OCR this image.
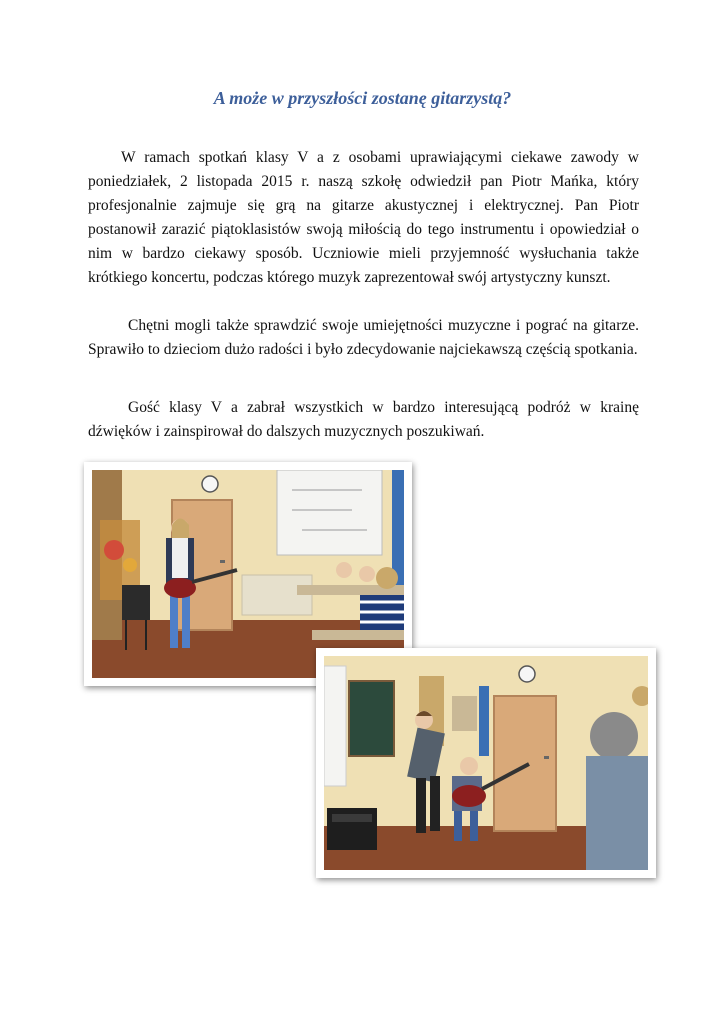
A może w przyszłości zostanę gitarzystą?

W ramach spotkań klasy V a z osobami uprawiającymi ciekawe zawody w poniedziałek, 2 listopada 2015 r. naszą szkołę odwiedził pan Piotr Mańka, który profesjonalnie zajmuje się grą na gitarze akustycznej i elektrycznej. Pan Piotr postanowił zarazić piątoklasistów swoją miłością do tego instrumentu i opowiedział o nim w bardzo ciekawy sposób. Uczniowie mieli przyjemność wysłuchania także krótkiego koncertu, podczas którego muzyk zaprezentował swój artystyczny kunszt.

Chętni mogli także sprawdzić swoje umiejętności muzyczne i pograć na gitarze. Sprawiło to dzieciom dużo radości i było zdecydowanie najciekawszą częścią spotkania.

Gość klasy V a zabrał wszystkich w bardzo interesującą podróż w krainę dźwięków i zainspirował do dalszych muzycznych poszukiwań.
